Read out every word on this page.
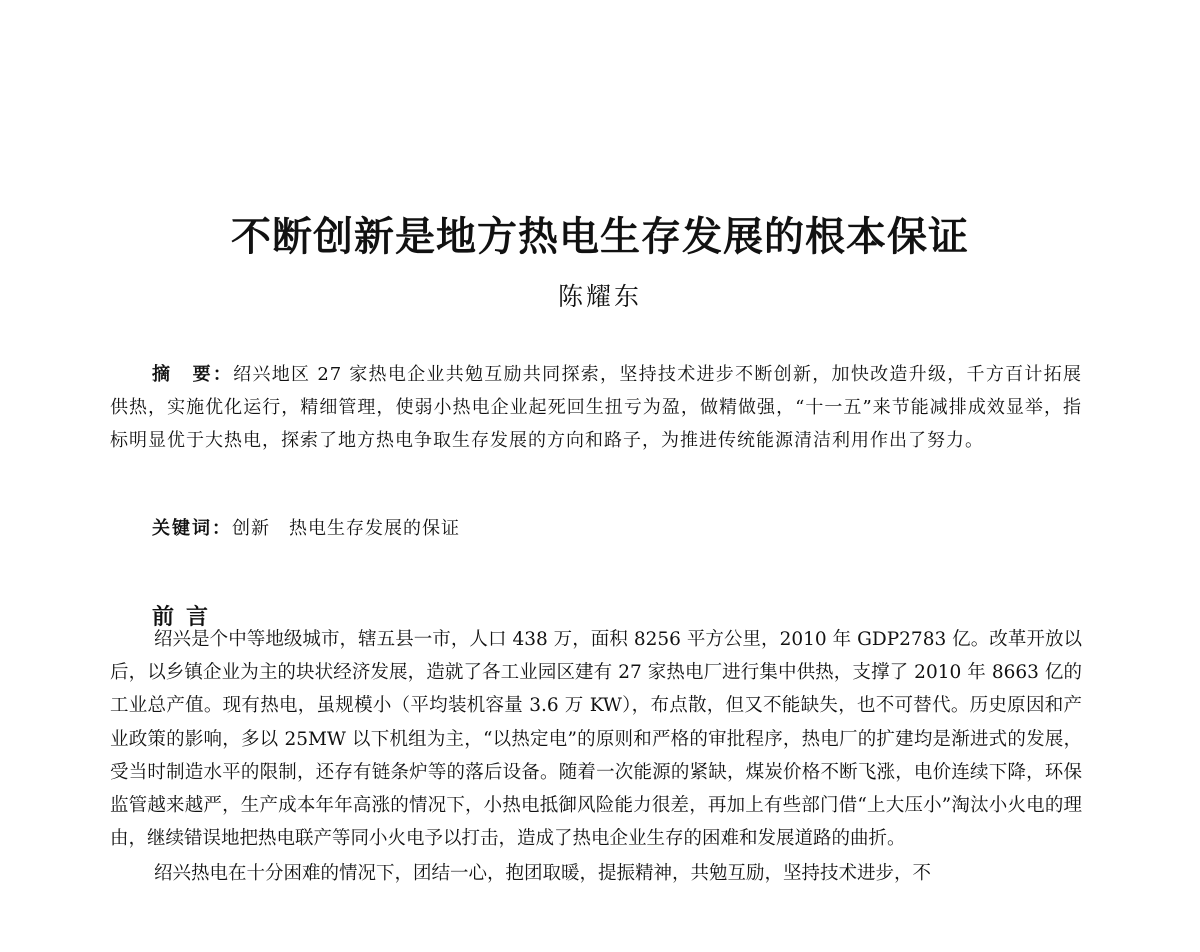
不断创新是地方热电生存发展的根本保证
陈耀东
摘　要：绍兴地区 27 家热电企业共勉互励共同探索，坚持技术进步不断创新，加快改造升级，千方百计拓展供热，实施优化运行，精细管理，使弱小热电企业起死回生扭亏为盈，做精做强，“十一五”来节能减排成效显举，指标明显优于大热电，探索了地方热电争取生存发展的方向和路子，为推进传统能源清洁利用作出了努力。
关键词：创新　热电生存发展的保证
前言

绍兴是个中等地级城市，辖五县一市，人口 438 万，面积 8256 平方公里，2010 年 GDP2783 亿。改革开放以后，以乡镇企业为主的块状经济发展，造就了各工业园区建有 27 家热电厂进行集中供热，支撑了 2010 年 8663 亿的工业总产值。现有热电，虽规模小（平均装机容量 3.6 万 KW），布点散，但又不能缺失，也不可替代。历史原因和产业政策的影响，多以 25MW 以下机组为主，“以热定电”的原则和严格的审批程序，热电厂的扩建均是渐进式的发展，受当时制造水平的限制，还存有链条炉等的落后设备。随着一次能源的紧缺，煤炭价格不断飞涨，电价连续下降，环保监管越来越严，生产成本年年高涨的情况下，小热电抵御风险能力很差，再加上有些部门借“上大压小”淘汰小火电的理由，继续错误地把热电联产等同小火电予以打击，造成了热电企业生存的困难和发展道路的曲折。

绍兴热电在十分困难的情况下，团结一心，抱团取暖，提振精神，共勉互励，坚持技术进步，不
